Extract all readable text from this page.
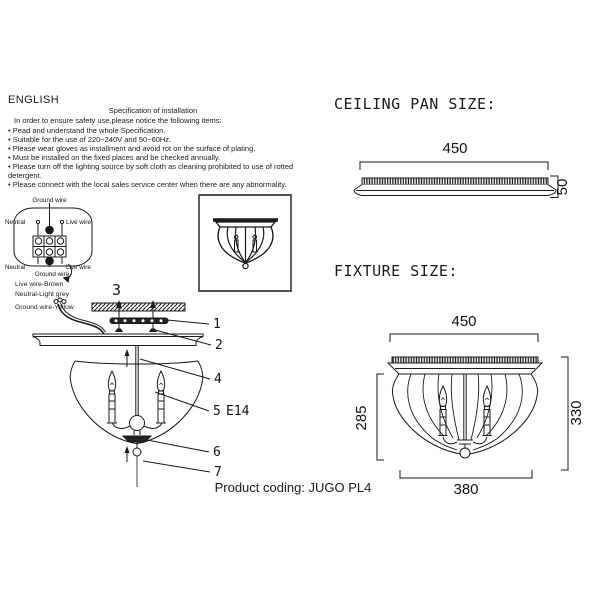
ENGLISH
Specification of installation
In order to ensure safety use,please notice the following items:
• Pead and understand the whole Specification.
• Suitable for the use of 220~240V and 50~60Hz.
• Please wear gloves as installment and avoid rot on the surface of plating.
• Must be installed on the fixed places and be checked annually.
• Please turn off the lighting source by soft cloth as cleaning prohibited to use of rotted detergent.
• Please connect with the local sales service center when there are any abnormality.
Ground wire
Neutral	Live wire
Neutral	Live wire
Ground wire
Live wire-Brown
Neutral-Light grey
Ground wire-Yellow
3
1
2
4
5 E14
6
7
CEILING PAN SIZE:
450
50
FIXTURE SIZE:
450
285	330
380
Product coding: JUGO PL4
